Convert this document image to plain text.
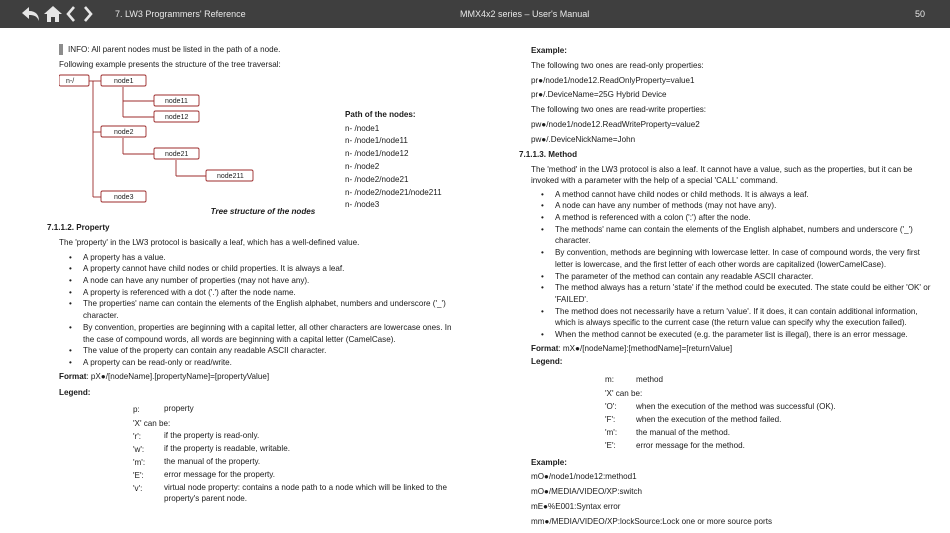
7. LW3 Programmers' Reference	MMX4x2 series – User's Manual	50

INFO: All parent nodes must be listed in the path of a node.

Following example presents the structure of the tree traversal:

n-/	node1
node11
node12
node2
node21
node211
node3
Path of the nodes:
n- /node1
n- /node1/node11
n- /node1/node12
n- /node2
n- /node2/node21
n- /node2/node21/node211
n- /node3

Tree structure of the nodes

7.1.1.2. Property

The 'property' in the LW3 protocol is basically a leaf, which has a well-defined value.

• A property has a value.
• A property cannot have child nodes or child properties. It is always a leaf.
• A node can have any number of properties (may not have any).
• A property is referenced with a dot ('.') after the node name.
• The properties' name can contain the elements of the English alphabet, numbers and underscore ('_') character.
• By convention, properties are beginning with a capital letter, all other characters are lowercase ones. In the case of compound words, all words are beginning with a capital letter (CamelCase).
• The value of the property can contain any readable ASCII character.
• A property can be read-only or read/write.

Format: pX●/[nodeName].[propertyName]=[propertyValue]

Legend:

p:	property
'X' can be:
'r':	if the property is read-only.
'w':	if the property is readable, writable.
'm':	the manual of the property.
'E':	error message for the property.
'v':	virtual node property: contains a node path to a node which will be linked to the property's parent node.

Example:

The following two ones are read-only properties:

pr●/node1/node12.ReadOnlyProperty=value1

pr●/.DeviceName=25G Hybrid Device

The following two ones are read-write properties:

pw●/node1/node12.ReadWriteProperty=value2

pw●/.DeviceNickName=John

7.1.1.3. Method

The 'method' in the LW3 protocol is also a leaf. It cannot have a value, such as the properties, but it can be invoked with a parameter with the help of a special 'CALL' command.

• A method cannot have child nodes or child methods. It is always a leaf.
• A node can have any number of methods (may not have any).
• A method is referenced with a colon (':') after the node.
• The methods' name can contain the elements of the English alphabet, numbers and underscore ('_') character.
• By convention, methods are beginning with lowercase letter. In case of compound words, the very first letter is lowercase, and the first letter of each other words are capitalized (lowerCamelCase).
• The parameter of the method can contain any readable ASCII character.
• The method always has a return 'state' if the method could be executed. The state could be either 'OK' or 'FAILED'.
• The method does not necessarily have a return 'value'. If it does, it can contain additional information, which is always specific to the current case (the return value can specify why the execution failed).
• When the method cannot be executed (e.g. the parameter list is illegal), there is an error message.

Format: mX●/[nodeName]:[methodName]=[returnValue]

Legend:

m:	method
'X' can be:
'O':	when the execution of the method was successful (OK).
'F':	when the execution of the method failed.
'm':	the manual of the method.
'E':	error message for the method.

Example:

mO●/node1/node12:method1

mO●/MEDIA/VIDEO/XP:switch

mE●%E001:Syntax error

mm●/MEDIA/VIDEO/XP:lockSource:Lock one or more source ports
